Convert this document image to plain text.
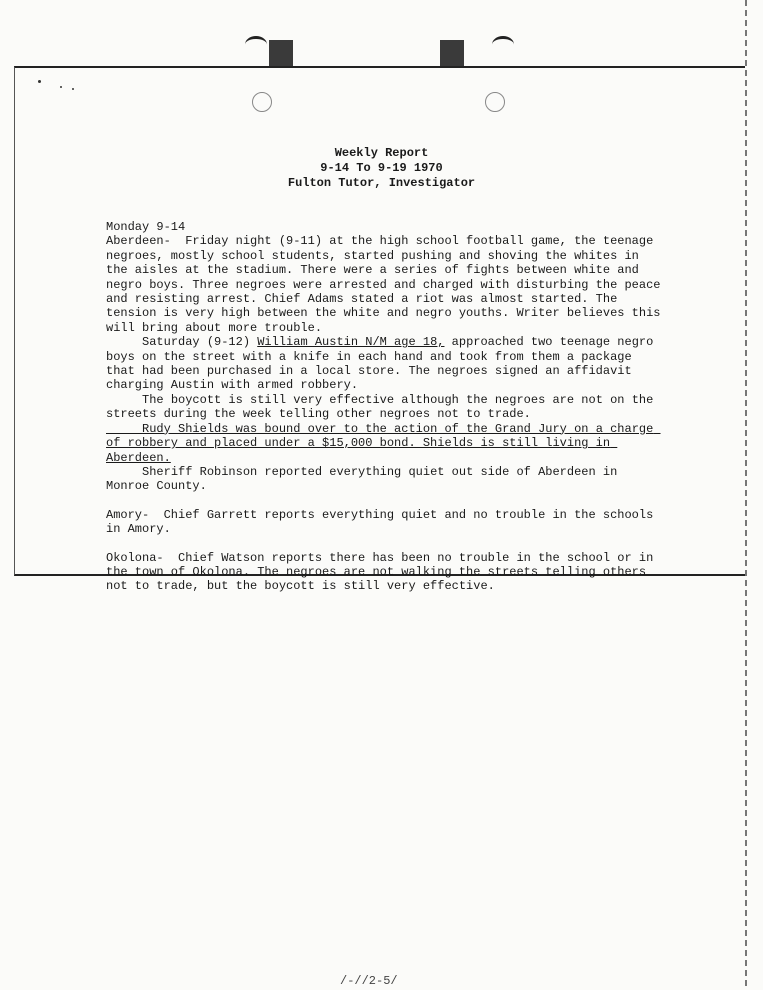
Weekly Report
9-14 To 9-19 1970
Fulton Tutor, Investigator

Monday 9-14

Aberdeen-  Friday night (9-11) at the high school football game, the teenage negroes, mostly school students, started pushing and shoving the whites in the aisles at the stadium. There were a series of fights between white and negro boys. Three negroes were arrested and charged with disturbing the peace and resisting arrest. Chief Adams stated a riot was almost started. The tension is very high between the white and negro youths. Writer believes this will bring about more trouble.

Saturday (9-12) William Austin N/M age 18, approached two teenage negro boys on the street with a knife in each hand and took from them a package that had been purchased in a local store. The negroes signed an affidavit charging Austin with armed robbery.

The boycott is still very effective although the negroes are not on the streets during the week telling other negroes not to trade.

Rudy Shields was bound over to the action of the Grand Jury on a charge of robbery and placed under a $15,000 bond. Shields is still living in Aberdeen.

Sheriff Robinson reported everything quiet out side of Aberdeen in Monroe County.

Amory-  Chief Garrett reports everything quiet and no trouble in the schools in Amory.

Okolona-  Chief Watson reports there has been no trouble in the school or in the town of Okolona. The negroes are not walking the streets telling others not to trade, but the boycott is still very effective.

/-//2-5/
